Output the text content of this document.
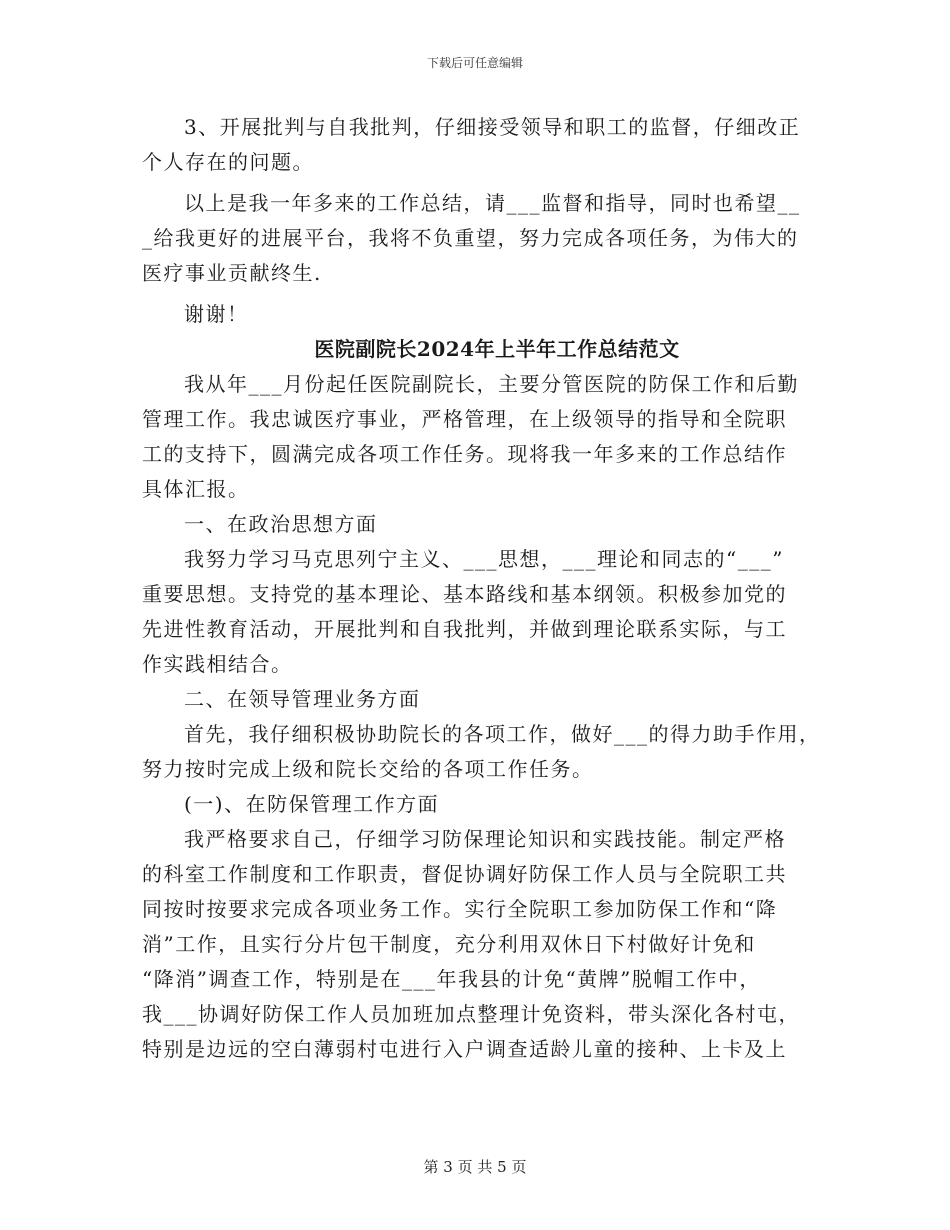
下载后可任意编辑
3、开展批判与自我批判，仔细接受领导和职工的监督，仔细改正
个人存在的问题。
以上是我一年多来的工作总结，请___监督和指导，同时也希望__
_给我更好的进展平台，我将不负重望，努力完成各项任务，为伟大的
医疗事业贡献终生.
谢谢！
医院副院长2024年上半年工作总结范文
我从年___月份起任医院副院长，主要分管医院的防保工作和后勤
管理工作。我忠诚医疗事业，严格管理，在上级领导的指导和全院职
工的支持下，圆满完成各项工作任务。现将我一年多来的工作总结作
具体汇报。
一、在政治思想方面
我努力学习马克思列宁主义、___思想，___理论和同志的“___”
重要思想。支持党的基本理论、基本路线和基本纲领。积极参加党的
先进性教育活动，开展批判和自我批判，并做到理论联系实际，与工
作实践相结合。
二、在领导管理业务方面
首先，我仔细积极协助院长的各项工作，做好___的得力助手作用，
努力按时完成上级和院长交给的各项工作任务。
(一)、在防保管理工作方面
我严格要求自己，仔细学习防保理论知识和实践技能。制定严格
的科室工作制度和工作职责，督促协调好防保工作人员与全院职工共
同按时按要求完成各项业务工作。实行全院职工参加防保工作和“降
消”工作，且实行分片包干制度，充分利用双休日下村做好计免和
“降消”调查工作，特别是在___年我县的计免“黄牌”脱帽工作中，
我___协调好防保工作人员加班加点整理计免资料，带头深化各村屯，
特别是边远的空白薄弱村屯进行入户调查适龄儿童的接种、上卡及上
第 3 页 共 5 页
